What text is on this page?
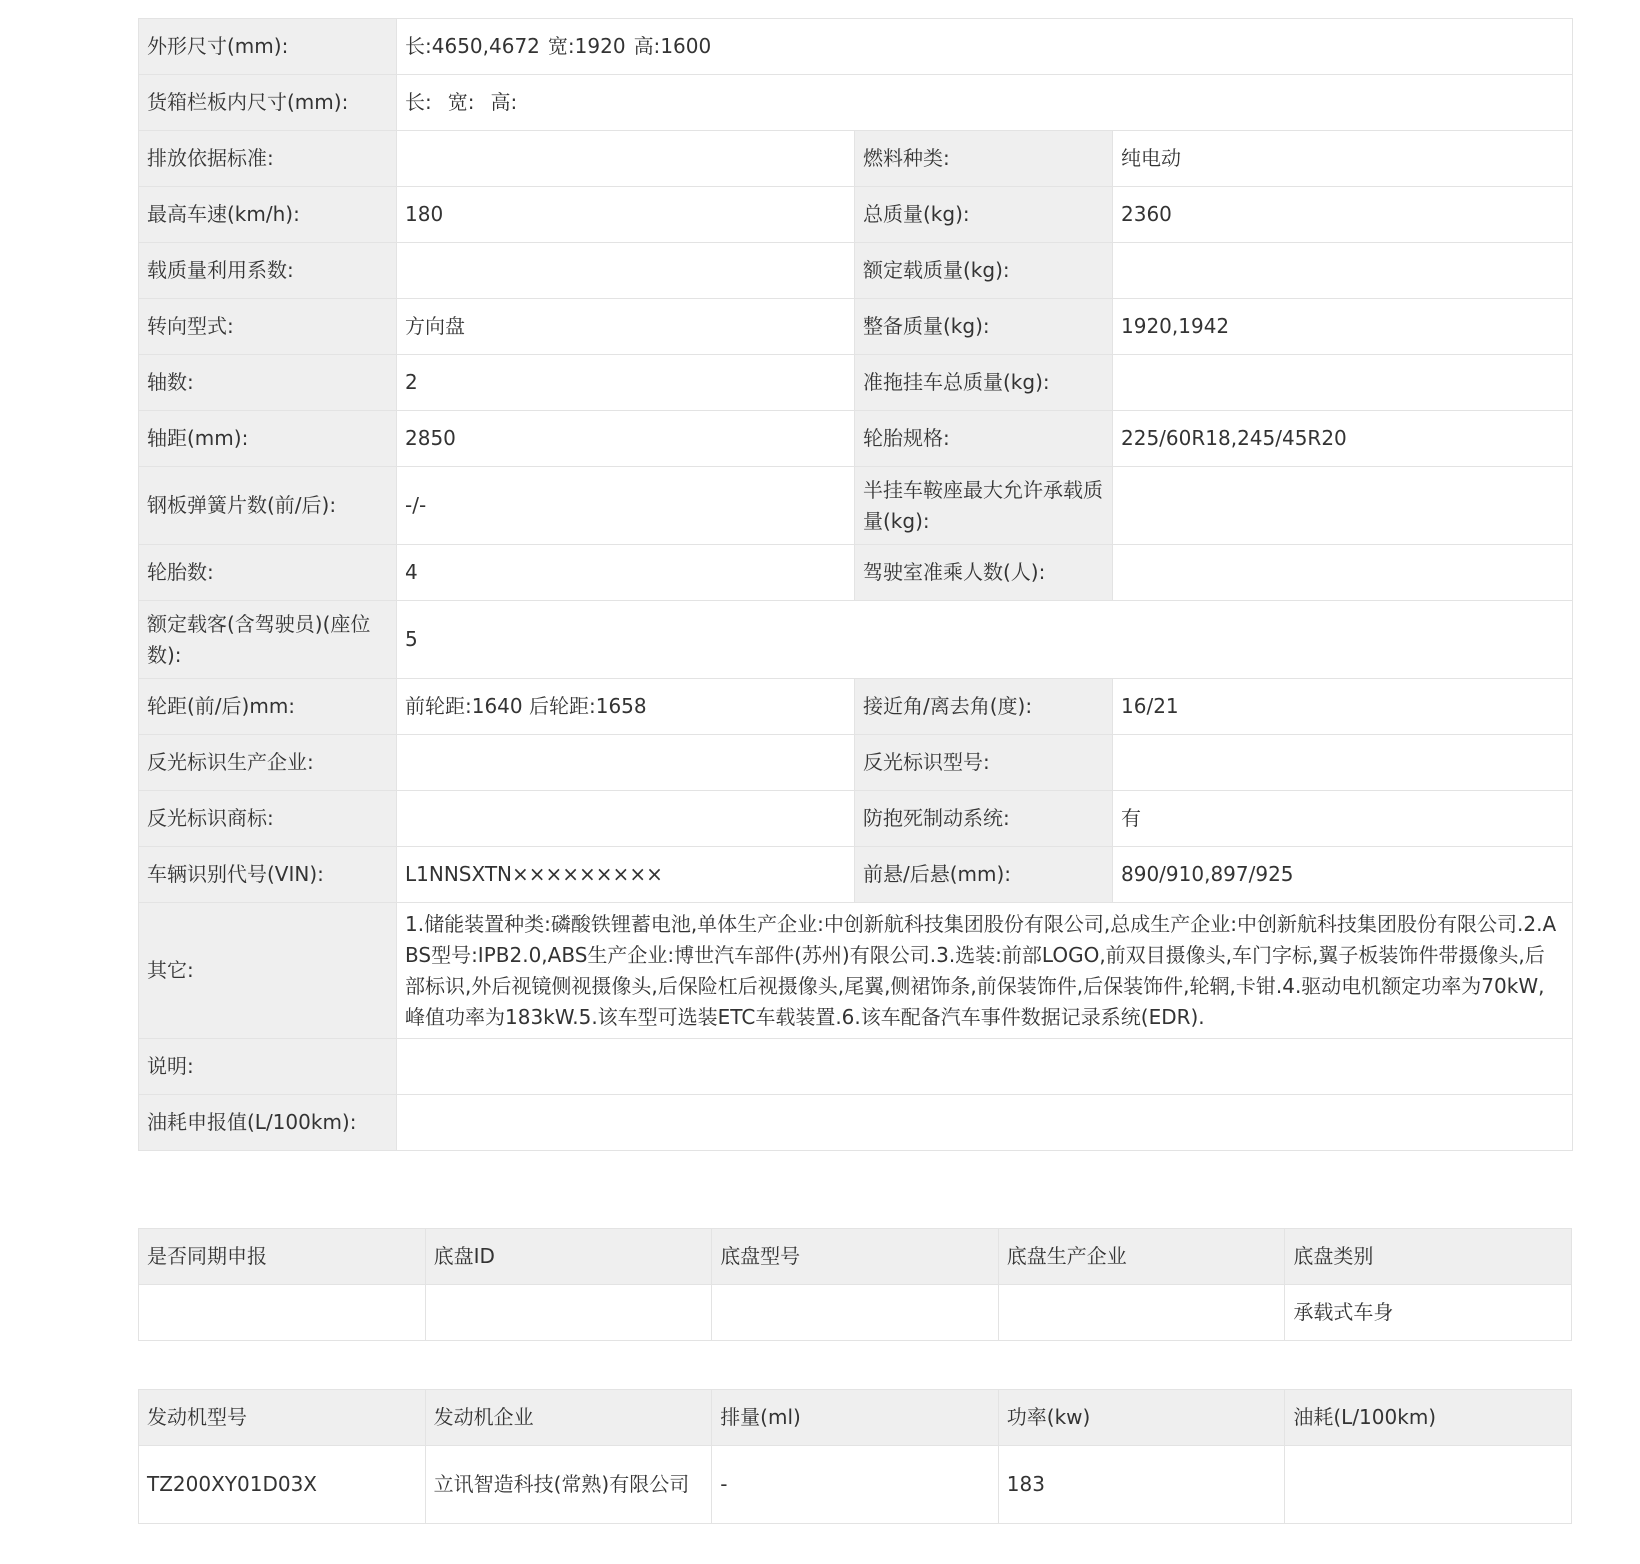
外形尺寸(mm):	长:4650,4672 宽:1920 高:1600		
货箱栏板内尺寸(mm):	长: 宽: 高:		
排放依据标准:		燃料种类:	纯电动
最高车速(km/h):	180	总质量(kg):	2360
载质量利用系数:		额定载质量(kg):	
转向型式:	方向盘	整备质量(kg):	1920,1942
轴数:	2	准拖挂车总质量(kg):	
轴距(mm):	2850	轮胎规格:	225/60R18,245/45R20
钢板弹簧片数(前/后):	-/-	半挂车鞍座最大允许承载质量(kg):	
轮胎数:	4	驾驶室准乘人数(人):	
额定载客(含驾驶员)(座位数):	5		
轮距(前/后)mm:	前轮距:1640 后轮距:1658	接近角/离去角(度):	16/21
反光标识生产企业:		反光标识型号:	
反光标识商标:		防抱死制动系统:	有
车辆识别代号(VIN):	L1NNSXTN×××××××××	前悬/后悬(mm):	890/910,897/925
其它:	1.储能装置种类:磷酸铁锂蓄电池,单体生产企业:中创新航科技集团股份有限公司,总成生产企业:中创新航科技集团股份有限公司.2.ABS型号:IPB2.0,ABS生产企业:博世汽车部件(苏州)有限公司.3.选装:前部LOGO,前双目摄像头,车门字标,翼子板装饰件带摄像头,后部标识,外后视镜侧视摄像头,后保险杠后视摄像头,尾翼,侧裙饰条,前保装饰件,后保装饰件,轮辋,卡钳.4.驱动电机额定功率为70kW,峰值功率为183kW.5.该车型可选装ETC车载装置.6.该车配备汽车事件数据记录系统(EDR).		
说明:			
油耗申报值(L/100km):			
是否同期申报	底盘ID	底盘型号	底盘生产企业	底盘类别
				承载式车身
发动机型号	发动机企业	排量(ml)	功率(kw)	油耗(L/100km)
TZ200XY01D03X	立讯智造科技(常熟)有限公司	-	183	
